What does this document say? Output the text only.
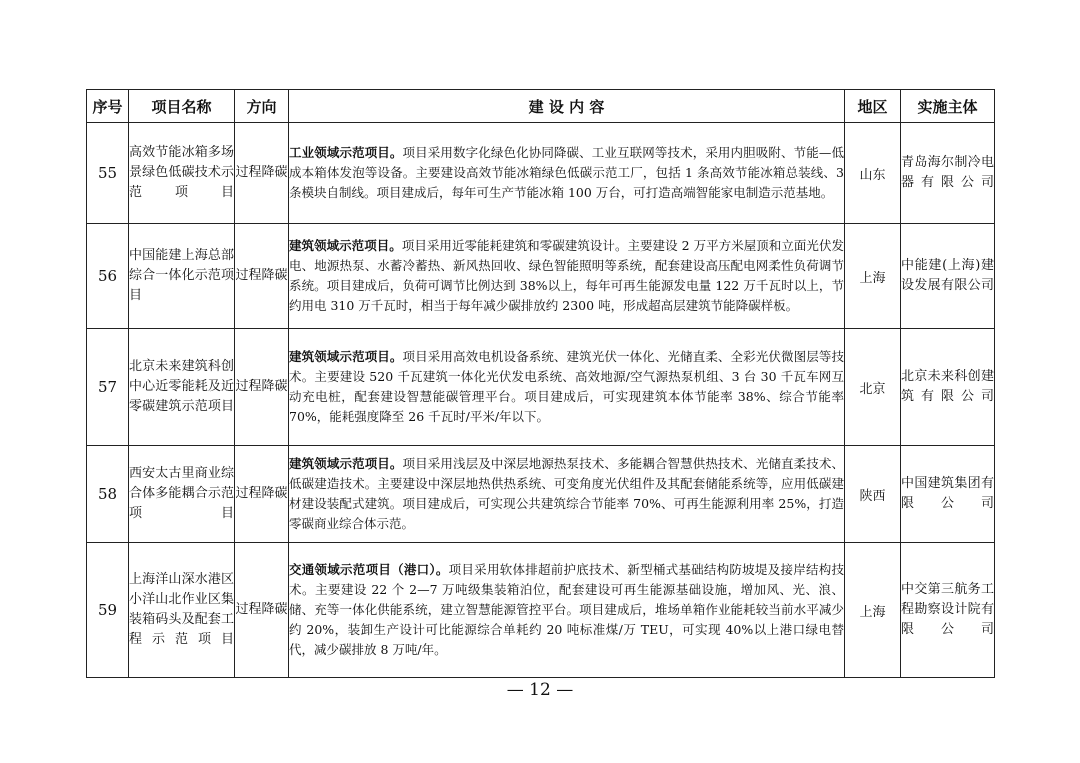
序号	项目名称	方向	建 设 内 容	地区	实施主体
55	高效节能冰箱多场景绿色低碳技术示范项目	过程降碳	工业领域示范项目。项目采用数字化绿色化协同降碳、工业互联网等技术，采用内胆吸附、节能—低成本箱体发泡等设备。主要建设高效节能冰箱绿色低碳示范工厂，包括 1 条高效节能冰箱总装线、3 条模块自制线。项目建成后，每年可生产节能冰箱 100 万台，可打造高端智能家电制造示范基地。	山东	青岛海尔制冷电器有限公司
56	中国能建上海总部综合一体化示范项目	过程降碳	建筑领域示范项目。项目采用近零能耗建筑和零碳建筑设计。主要建设 2 万平方米屋顶和立面光伏发电、地源热泵、水蓄冷蓄热、新风热回收、绿色智能照明等系统，配套建设高压配电网柔性负荷调节系统。项目建成后，负荷可调节比例达到 38%以上，每年可再生能源发电量 122 万千瓦时以上，节约用电 310 万千瓦时，相当于每年减少碳排放约 2300 吨，形成超高层建筑节能降碳样板。	上海	中能建(上海)建设发展有限公司
57	北京未来建筑科创中心近零能耗及近零碳建筑示范项目	过程降碳	建筑领域示范项目。项目采用高效电机设备系统、建筑光伏一体化、光储直柔、全彩光伏微图层等技术。主要建设 520 千瓦建筑一体化光伏发电系统、高效地源/空气源热泵机组、3 台 30 千瓦车网互动充电桩，配套建设智慧能碳管理平台。项目建成后，可实现建筑本体节能率 38%、综合节能率 70%，能耗强度降至 26 千瓦时/平米/年以下。	北京	北京未来科创建筑有限公司
58	西安太古里商业综合体多能耦合示范项目	过程降碳	建筑领域示范项目。项目采用浅层及中深层地源热泵技术、多能耦合智慧供热技术、光储直柔技术、低碳建造技术。主要建设中深层地热供热系统、可变角度光伏组件及其配套储能系统等，应用低碳建材建设装配式建筑。项目建成后，可实现公共建筑综合节能率 70%、可再生能源利用率 25%，打造零碳商业综合体示范。	陕西	中国建筑集团有限公司
59	上海洋山深水港区小洋山北作业区集装箱码头及配套工程示范项目	过程降碳	交通领域示范项目（港口）。项目采用软体排超前护底技术、新型桶式基础结构防坡堤及接岸结构技术。主要建设 22 个 2—7 万吨级集装箱泊位，配套建设可再生能源基础设施，增加风、光、浪、储、充等一体化供能系统，建立智慧能源管控平台。项目建成后，堆场单箱作业能耗较当前水平减少约 20%，装卸生产设计可比能源综合单耗约 20 吨标准煤/万 TEU，可实现 40%以上港口绿电替代，减少碳排放 8 万吨/年。	上海	中交第三航务工程勘察设计院有限公司
— 12 —
